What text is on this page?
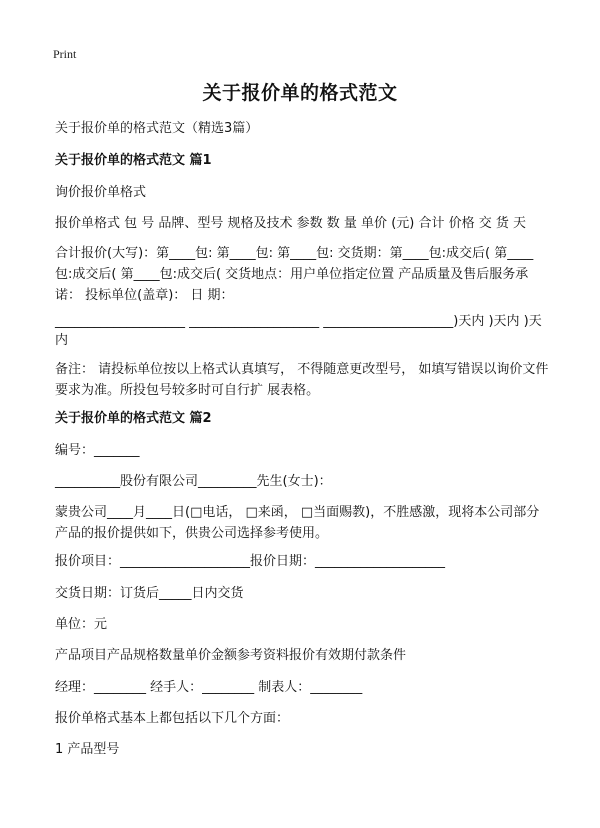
Print
关于报价单的格式范文
关于报价单的格式范文（精选3篇）
关于报价单的格式范文 篇1
询价报价单格式
报价单格式 包 号 品牌、型号 规格及技术 参数 数 量 单价 (元) 合计 价格 交 货 天
合计报价(大写)：第____包: 第____包: 第____包: 交货期：第____包:成交后( 第____包:成交后( 第____包:成交后( 交货地点：用户单位指定位置 产品质量及售后服务承诺： 投标单位(盖章)： 日 期：
____________________ ____________________ ____________________)天内 )天内 )天
内
备注： 请投标单位按以上格式认真填写， 不得随意更改型号， 如填写错误以询价文件要求为准。所投包号较多时可自行扩 展表格。
关于报价单的格式范文 篇2
编号：_______
__________股份有限公司_________先生(女士)：
蒙贵公司____月____日(□电话， □来函， □当面赐教)，不胜感激，现将本公司部分产品的报价提供如下，供贵公司选择参考使用。
报价项目：____________________报价日期：____________________
交货日期：订货后_____日内交货
单位：元
产品项目产品规格数量单价金额参考资料报价有效期付款条件
经理：________ 经手人：________ 制表人：________
报价单格式基本上都包括以下几个方面：
1 产品型号
